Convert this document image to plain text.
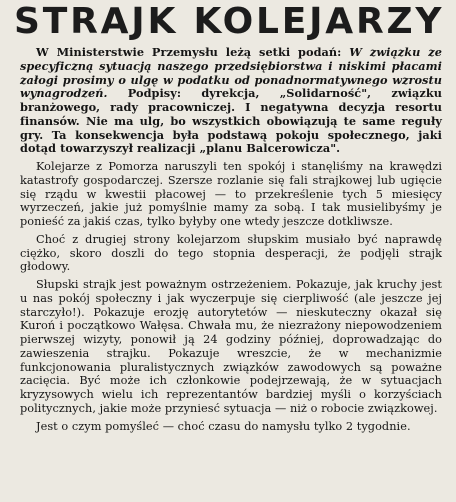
STRAJK KOLEJARZY

W Ministerstwie Przemysłu leżą setki podań: W związku ze specyficzną sytuacją naszego przedsiębiorstwa i niskimi płacami załogi prosimy o ulgę w podatku od ponadnormatywnego wzrostu wynagrodzeń. Podpisy: dyrekcja, „Solidarność", związku branżowego, rady pracowniczej. I negatywna decyzja resortu finansów. Nie ma ulg, bo wszystkich obowiązują te same reguły gry. Ta konsekwencja była podstawą pokoju społecznego, jaki dotąd towarzyszył realizacji „planu Balcerowicza".

Kolejarze z Pomorza naruszyli ten spokój i stanęliśmy na krawędzi katastrofy gospodarczej. Szersze rozlanie się fali strajkowej lub ugięcie się rządu w kwestii płacowej — to przekreślenie tych 5 miesięcy wyrzeczeń, jakie już pomyślnie mamy za sobą. I tak musielibyśmy je ponieść za jakiś czas, tylko byłyby one wtedy jeszcze dotkliwsze.

Choć z drugiej strony kolejarzom słupskim musiało być naprawdę ciężko, skoro doszli do tego stopnia desperacji, że podjęli strajk głodowy.

Słupski strajk jest poważnym ostrzeżeniem. Pokazuje, jak kruchy jest u nas pokój społeczny i jak wyczerpuje się cierpliwość (ale jeszcze jej starczyło!). Pokazuje erozję autorytetów — nieskuteczny okazał się Kuroń i początkowo Wałęsa. Chwała mu, że niezrażony niepowodzeniem pierwszej wizyty, ponowił ją 24 godziny później, doprowadzając do zawieszenia strajku. Pokazuje wreszcie, że w mechanizmie funkcjonowania pluralistycznych związków zawodowych są poważne zacięcia. Być może ich członkowie podejrzewają, że w sytuacjach kryzysowych wielu ich reprezentantów bardziej myśli o korzyściach politycznych, jakie może przyniesć sytuacja — niż o robocie związkowej.

Jest o czym pomyśleć — choć czasu do namysłu tylko 2 tygodnie.
